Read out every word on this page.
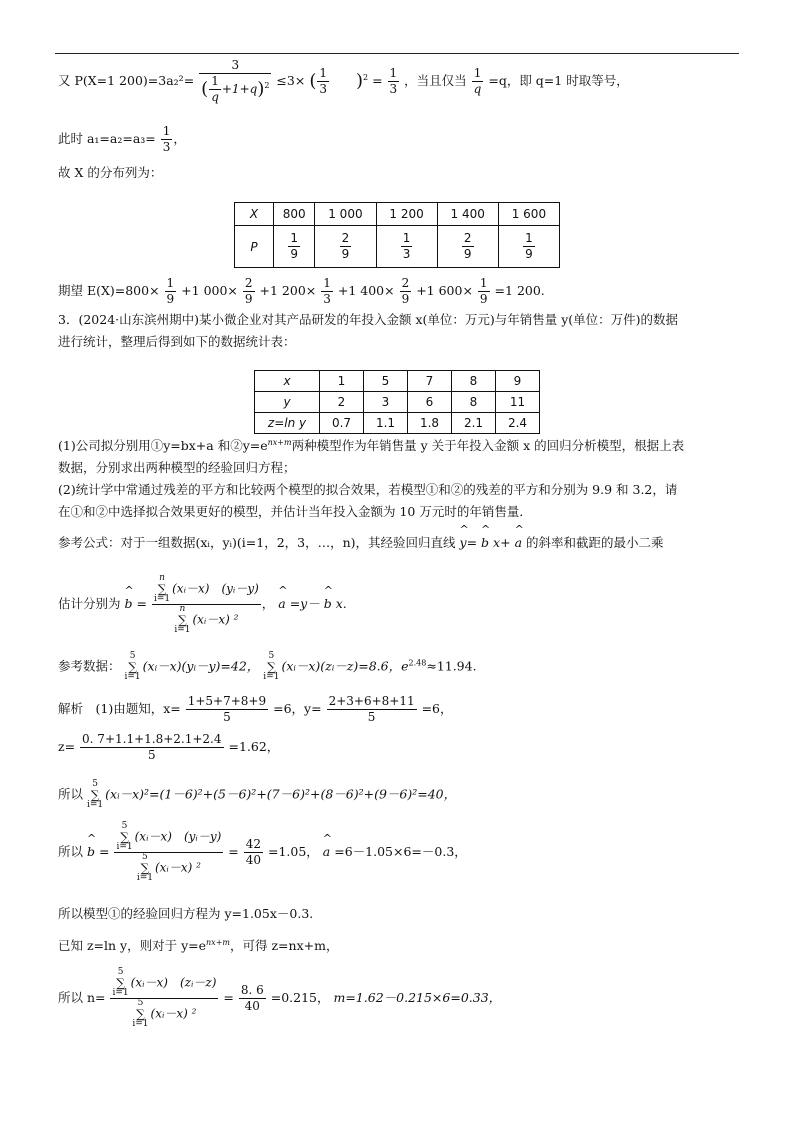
又 P(X=1 $200)=3a_2^2= \frac{3}{( \frac{1}{q} +1+q)^2} \le 3\times$ ( $\frac{1}{3} )^2 = \frac{1}{3}$ ，当且仅当 $\frac{1}{q} =q$，即 q=1 时取等号，
此时 $a_1=a_2=a_3= \frac{1}{3}$ ，
故 X 的分布列为：
X	800	1 000	1 200	1 400	1 600
P	$\frac{1}{9}$	$\frac{2}{9}$	$\frac{1}{3}$	$\frac{2}{9}$	$\frac{1}{9}$
期望 $E(X)=800\times \frac{1}{9} +1$ $000\times \frac{2}{9} +1$ $200\times \frac{1}{3} +1$ $400\times \frac{2}{9} +1$ $600\times \frac{1}{9} =1$ 200.
3．(2024·山东滨州期中)某小微企业对其产品研发的年投入金额 x(单位：万元)与年销售量 y(单位：万件)的数据
进行统计，整理后得到如下的数据统计表：
x	1	5	7	8	9
y	2	3	6	8	11
z=ln y	0.7	1.1	1.8	2.1	2.4
(1)公司拟分别用①y=bx+a 和$②y=e^{nx+m}$两种模型作为年销售量 y 关于年投入金额 x 的回归分析模型，根据上表
数据，分别求出两种模型的经验回归方程；
(2)统计学中常通过残差的平方和比较两个模型的拟合效果，若模型①和②的残差的平方和分别为 9.9 和 3.2，请
在①和②中选择拟合效果更好的模型，并估计当年投入金额为 10 万元时的年销售量．
参考公式：对于一组数据(xᵢ，yᵢ)(i=1，2，3，…，n)，其经验回归直线 ^ y= ^ b x+ ^ a 的斜率和截距的最小二乘
估计分别为 ^ b = n
∑
i=1(xᵢ－x)　(yᵢ－y)
n
∑
i=1(xᵢ－x) ² ， ^ a =y－ ^ b x.
参考数据： 5
∑
i=1(xᵢ－x)(yᵢ－y)=42， 5
∑
i=1(xᵢ－x)(zᵢ－z)=8.6，$e^{2.48}\approx 11.94$.
解析　(1)由题知，$x= \frac{1+5+7+8+9}{5} =6$，$y= \frac{2+3+6+8+11}{5} =6$，
$z= \frac{0. 7+1.1+1.8+2.1+2.4}{5} =1.62$，
所以 5
∑
i=1(xᵢ－x)²=(1－6)²+(5－6)²+(7－6)²+(8－6)²+(9－6)²=40，
所以 ^ b = 5
∑
i=1(xᵢ－x)　(yᵢ－y)
5
∑
i=1(xᵢ－x) $^2 = \frac{42}{40} =1.05$， ^ a =6－1.05×6=－0.3，
所以模型①的经验回归方程为 y=1.05x－0.3.
已知 z=ln y，则对于 $y=e^{nx+m}$，可得 z=nx+m，
所以 n= 5
∑
i=1(xᵢ－x)　(zᵢ－z)
5
∑
i=1(xᵢ－x) $^2 = \frac{8. 6}{40} =0.215$， m=1.62－0.215×6=0.33，
